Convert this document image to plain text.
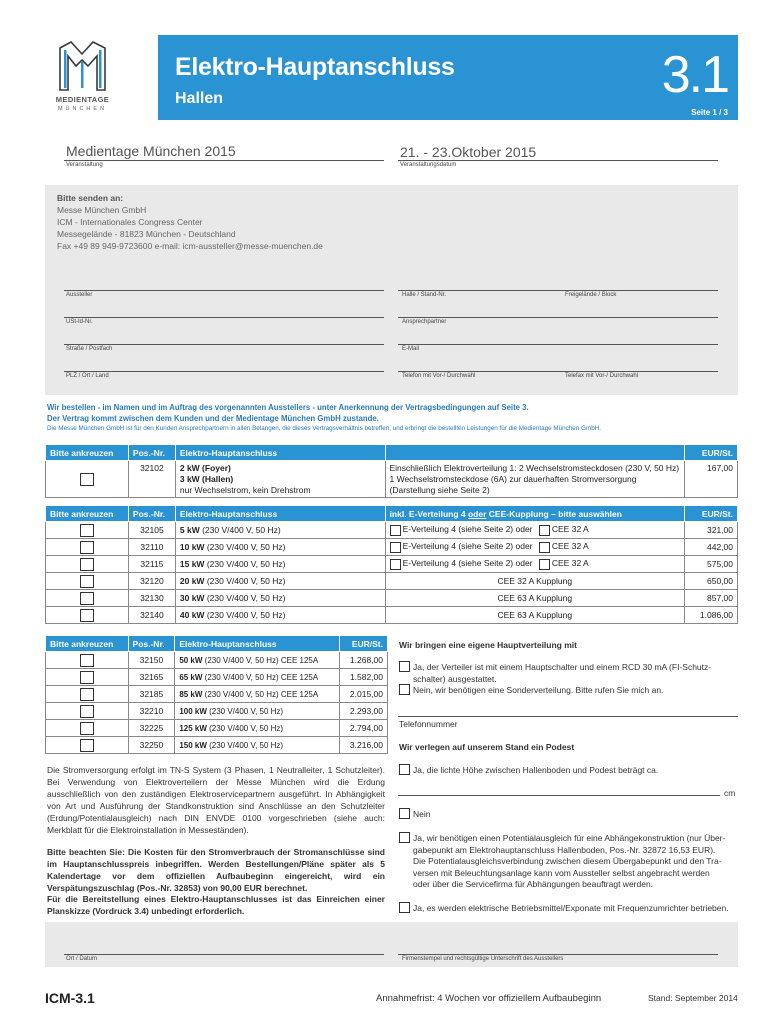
MEDIENTAGE
MÜNCHEN
Elektro-Hauptanschluss
Hallen	3.1
Seite 1 / 3
Medientage München 2015	21. - 23.Oktober 2015
Veranstaltung	Veranstaltungsdatum
Bitte senden an:
Messe München GmbH
ICM - Internationales Congress Center
Messegelände - 81823 München - Deutschland
Fax +49 89 949-9723600 e-mail: icm-aussteller@messe-muenchen.de
Aussteller	Halle / Stand-Nr.	Freigelände / Block
USt-Id-Nr.	Ansprechpartner
Straße / Postfach	E-Mail
PLZ / Ort / Land	Telefon mit Vor-/ Durchwahl	Telefax mit Vor-/ Durchwahl
Wir bestellen - im Namen und im Auftrag des vorgenannten Ausstellers - unter Anerkennung der Vertragsbedingungen auf Seite 3.
Der Vertrag kommt zwischen dem Kunden und der Medientage München GmbH zustande.
Die Messe München GmbH ist für den Kunden Ansprechpartnern in allen Belangen, die dieses Vertragsverhältnis betreffen, und erbringt die bestellten Leistungen für die Medientage München GmbH.
Bitte ankreuzen	Pos.-Nr.	Elektro-Hauptanschluss		EUR/St.
	32102	2 kW (Foyer)
3 kW (Hallen)
nur Wechselstrom, kein Drehstrom	Einschließlich Elektroverteilung 1: 2 Wechselstromsteckdosen (230 V, 50 Hz)
1 Wechselstromsteckdose (6A) zur dauerhaften Stromversorgung
(Darstellung siehe Seite 2)	167,00
Bitte ankreuzen	Pos.-Nr.	Elektro-Hauptanschluss	inkl. E-Verteilung 4 oder CEE-Kupplung – bitte auswählen	EUR/St.
	32105	5 kW (230 V/400 V, 50 Hz)	E-Verteilung 4 (siehe Seite 2) oder CEE 32 A	321,00
	32110	10 kW (230 V/400 V, 50 Hz)	E-Verteilung 4 (siehe Seite 2) oder CEE 32 A	442,00
	32115	15 kW (230 V/400 V, 50 Hz)	E-Verteilung 4 (siehe Seite 2) oder CEE 32 A	575,00
	32120	20 kW (230 V/400 V, 50 Hz)	CEE 32 A Kupplung	650,00
	32130	30 kW (230 V/400 V, 50 Hz)	CEE 63 A Kupplung	857,00
	32140	40 kW (230 V/400 V, 50 Hz)	CEE 63 A Kupplung	1.086,00
Bitte ankreuzen	Pos.-Nr.	Elektro-Hauptanschluss	EUR/St.
	32150	50 kW (230 V/400 V, 50 Hz) CEE 125A	1.268,00
	32165	65 kW (230 V/400 V, 50 Hz) CEE 125A	1.582,00
	32185	85 kW (230 V/400 V, 50 Hz) CEE 125A	2.015,00
	32210	100 kW (230 V/400 V, 50 Hz)	2.293,00
	32225	125 kW (230 V/400 V, 50 Hz)	2.794,00
	32250	150 kW (230 V/400 V, 50 Hz)	3.216,00
Wir bringen eine eigene Hauptverteilung mit
Ja, der Verteiler ist mit einem Hauptschalter und einem RCD 30 mA (FI-Schutz-
schalter) ausgestattet.
Nein, wir benötigen eine Sonderverteilung. Bitte rufen Sie mich an.
Telefonnummer
Wir verlegen auf unserem Stand ein Podest
Ja, die lichte Höhe zwischen Hallenboden und Podest beträgt ca.
cm
Nein
Ja, wir benötigen einen Potentialausgleich für eine Abhängekonstruktion (nur Über-
gabepunkt am Elektrohauptanschluss Hallenboden, Pos.-Nr. 32872 16,53 EUR).
Die Potentialausgleichsverbindung zwischen diesem Übergabepunkt und den Tra-
versen mit Beleuchtungsanlage kann vom Aussteller selbst angebracht werden
oder über die Servicefirma für Abhängungen beauftragt werden.
Ja, es werden elektrische Betriebsmittel/Exponate mit Frequenzumrichter betrieben.
Die Stromversorgung erfolgt im TN-S System (3 Phasen, 1 Neutralleiter, 1 Schutzleiter). Bei Verwendung von Elektroverteilern der Messe München wird die Erdung ausschließlich von den zuständigen Elektroservicepartnern ausgeführt. In Abhängigkeit von Art und Ausführung der Standkonstruktion sind Anschlüsse an den Schutzleiter (Erdung/Potentialausgleich) nach DIN ENVDE 0100 vorgeschrieben (siehe auch: Merkblatt für die Elektroinstallation in Messeständen).
Bitte beachten Sie: Die Kosten für den Stromverbrauch der Stromanschlüsse sind im Hauptanschlusspreis inbegriffen. Werden Bestellungen/Pläne später als 5 Kalendertage vor dem offiziellen Aufbaubeginn eingereicht, wird ein Verspätungszuschlag (Pos.-Nr. 32853) von 90,00 EUR berechnet.
Für die Bereitstellung eines Elektro-Hauptanschlusses ist das Einreichen einer Planskizze (Vordruck 3.4) unbedingt erforderlich.
Ort / Datum	Firmenstempel und rechtsgültige Unterschrift des Ausstellers
ICM-3.1	Annahmefrist: 4 Wochen vor offiziellem Aufbaubeginn	Stand: September 2014
